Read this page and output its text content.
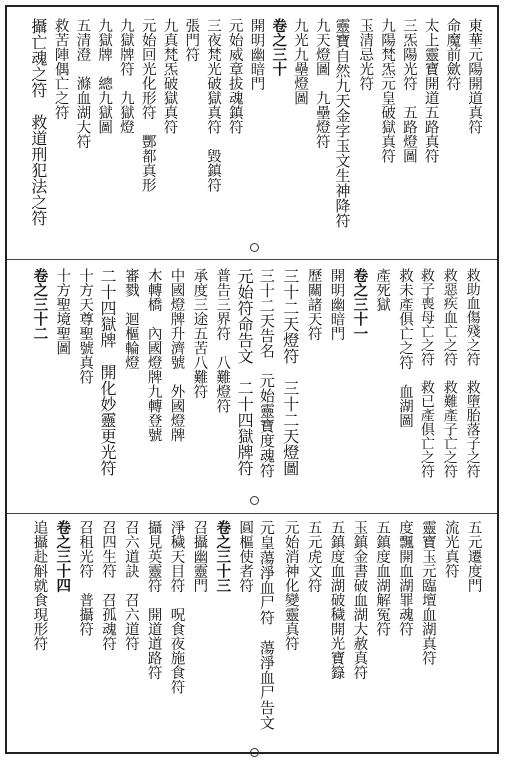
東華元陽開道真符
命魔前歛符
太上靈寶開道五路真符
三炁陽光符　五路燈圖
九陽梵炁元皇破獄真符
玉清忌光符
靈寶自然九天金字玉文生神降符
九天燈圖　九壘燈符
九光九壘燈圖
卷之三十
開明幽暗門
元始威章拔魂鎮符
三夜梵光破獄真符　毀鎮符
張門符
九真梵炁破獄真符
元始回光化形符　酆都真形
九獄牌符　九獄燈
九獄牌　總九獄圖
五清澄　滌血湖大符
救苦陣偶亡之符
攝亡魂之符　救道刑犯法之符
救助血傷殘之符　救墮胎落子之符
救惡疾血亡之符　救難產子亡之符
救子喪母亡之符　救已產俱亡之符
救未產俱亡之符　血湖圖
產死獄
卷之三十一
開明幽暗門
歷關諸天符
三十二天燈符　三十二天燈圖
三十二天告名　元始靈寶度魂符
元始符命告文　二十四獄牌符
普告三界符　八難燈符
承度三途五苦八難符
中國燈牌升濟號　外國燈牌
木轉橋　內國燈牌九轉登號
審戮　迴樞輪燈
二十四獄牌　開化妙靈更光符
十方天尊聖號真符
十方聖境聖圖
卷之三十二
五元遷度門
流光真符
靈寶玉元臨壇血湖真符
度飄開血湖罪魂符
五鎮度血湖解冤符
玉鎮金書破血湖大赦真符
五鎮度血湖破穢開光寶籙
五元虎文符
元始消神化變靈真符
元皇蕩淨血尸符　蕩淨血尸告文
圓樞使者符
卷之三十三
召攝幽靈門
淨穢天目符　呪食夜施食符
攝見英靈符　開道道路符
召六道訣　召六道符
召四生符　召孤魂符
召租光符　普攝符
卷之三十四
追攝赴斛就食現形符
